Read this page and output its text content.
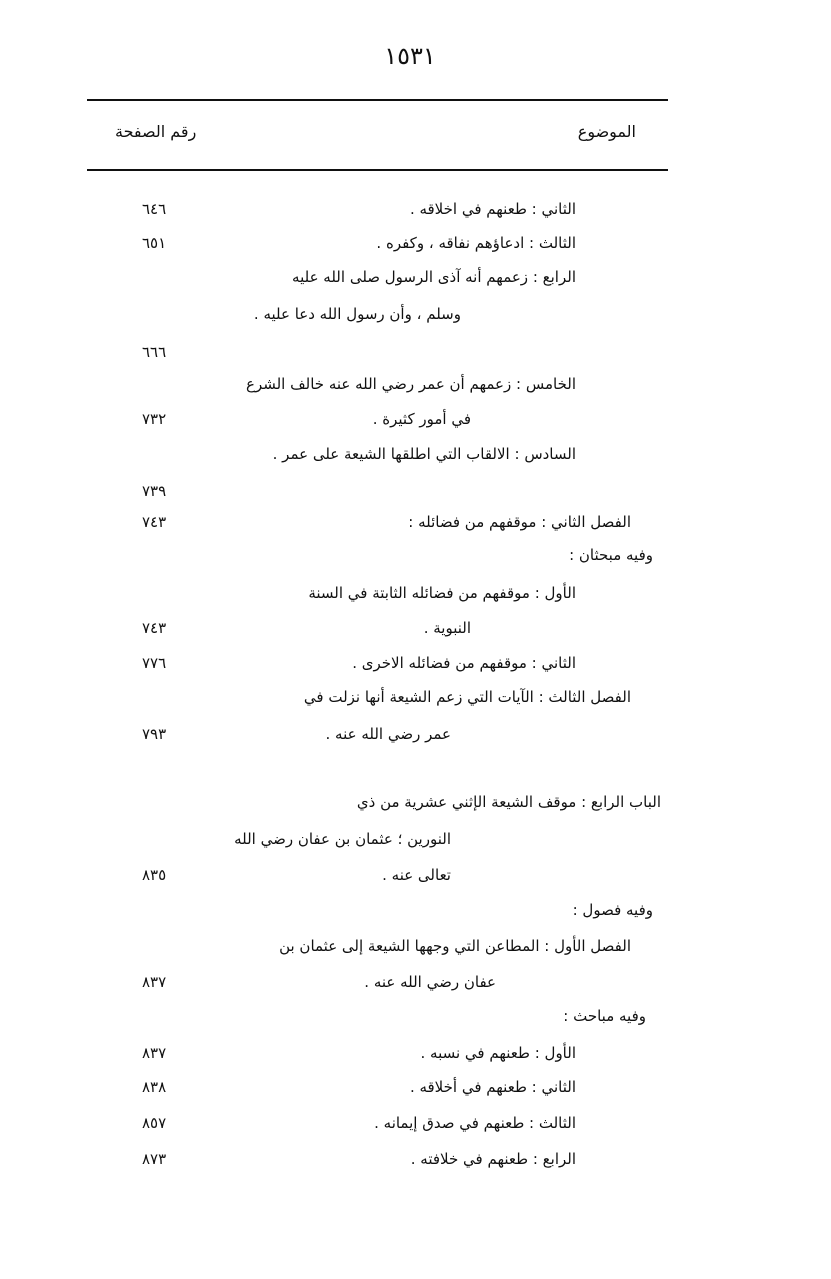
١٥٣١
الموضوع
رقم الصفحة
الثاني : طعنهم في اخلاقه .
٦٤٦
الثالث : ادعاؤهم نفاقه ، وكفره .
٦٥١
الرابع : زعمهم أنه آذى الرسول صلى الله عليه
وسلم ، وأن رسول الله دعا عليه .
٦٦٦
الخامس : زعمهم أن عمر رضي الله عنه خالف الشرع
في أمور كثيرة .
٧٣٢
السادس : الالقاب التي اطلقها الشيعة على عمر .
٧٣٩
الفصل الثاني : موقفهم من فضائله :
٧٤٣
وفيه مبحثان :
الأول : موقفهم من فضائله الثابتة في السنة
النبوية .
٧٤٣
الثاني : موقفهم من فضائله الاخرى .
٧٧٦
الفصل الثالث : الآيات التي زعم الشيعة أنها نزلت في
عمر رضي الله عنه .
٧٩٣
الباب الرابع : موقف الشيعة الإثني عشرية من ذي
النورين ؛ عثمان بن عفان رضي الله
تعالى عنه .
٨٣٥
وفيه فصول :
الفصل الأول : المطاعن التي وجهها الشيعة إلى عثمان بن
عفان رضي الله عنه .
٨٣٧
وفيه مباحث :
الأول : طعنهم في نسبه .
٨٣٧
الثاني : طعنهم في أخلاقه .
٨٣٨
الثالث : طعنهم في صدق إيمانه .
٨٥٧
الرابع : طعنهم في خلافته .
٨٧٣
